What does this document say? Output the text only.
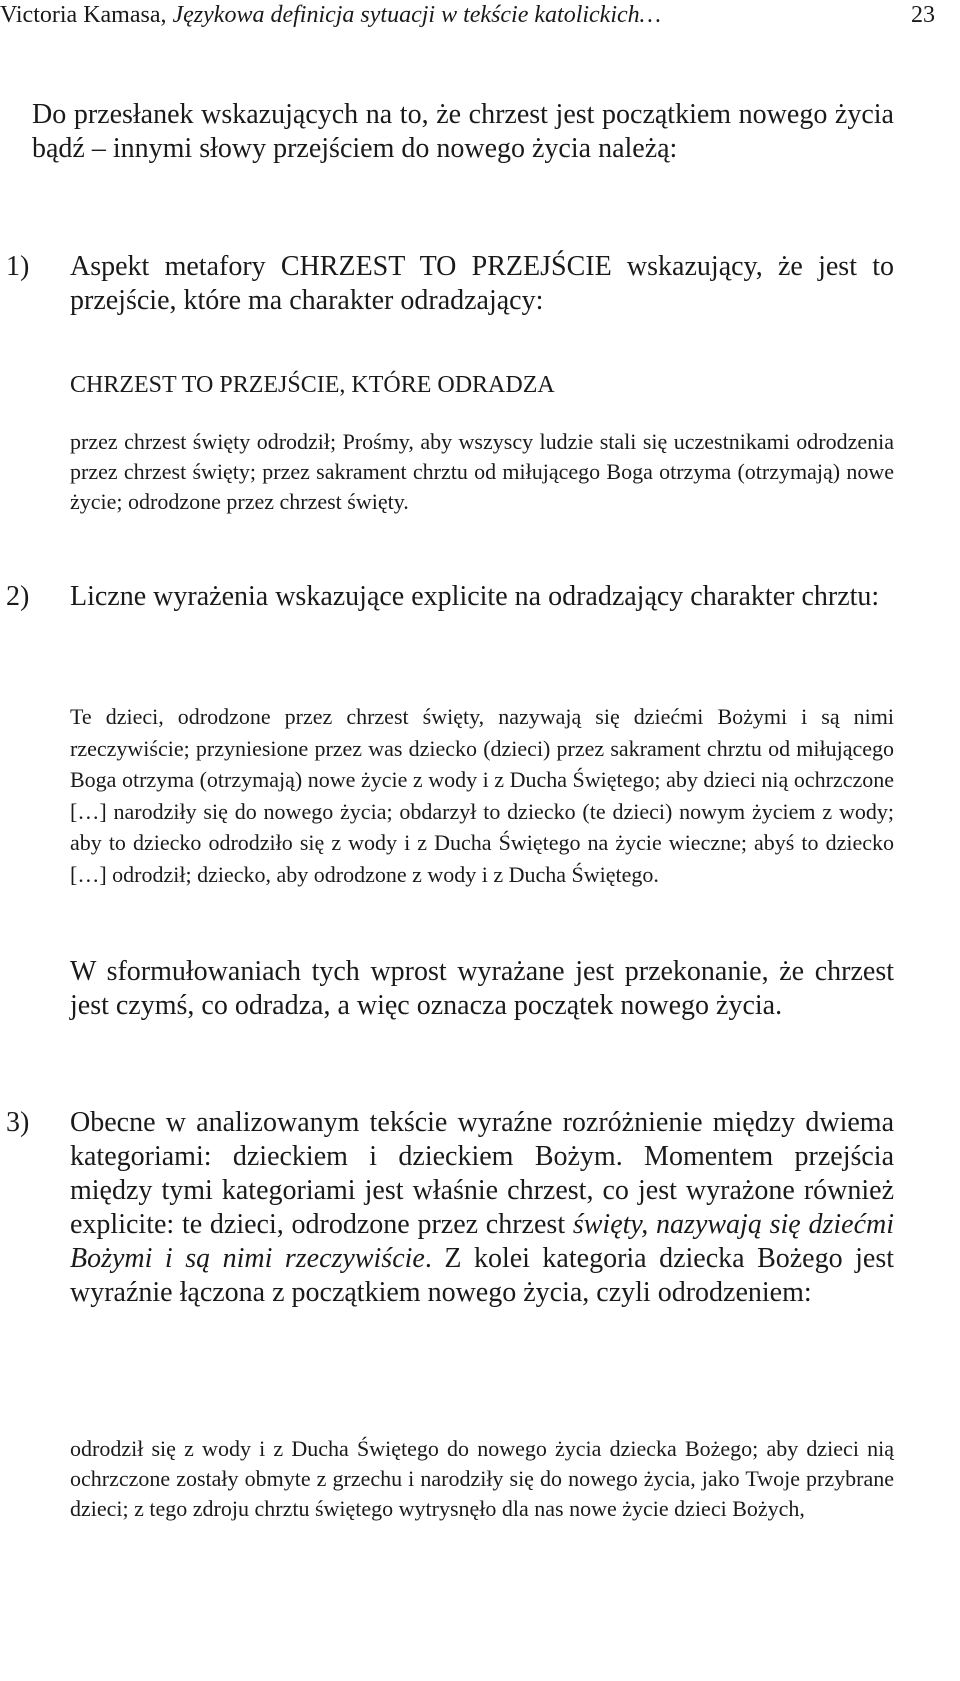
Victoria Kamasa, Językowa definicja sytuacji w tekście katolickich…	23
Do przesłanek wskazujących na to, że chrzest jest początkiem nowego życia bądź – innymi słowy przejściem do nowego życia należą:
1) Aspekt metafory CHRZEST TO PRZEJŚCIE wskazujący, że jest to przejście, które ma charakter odradzający:
CHRZEST TO PRZEJŚCIE, KTÓRE ODRADZA
przez chrzest święty odrodził; Prośmy, aby wszyscy ludzie stali się uczestnikami odrodzenia przez chrzest święty; przez sakrament chrztu od miłującego Boga otrzyma (otrzymają) nowe życie; odrodzone przez chrzest święty.
2) Liczne wyrażenia wskazujące explicite na odradzający charakter chrztu:
Te dzieci, odrodzone przez chrzest święty, nazywają się dziećmi Bożymi i są nimi rzeczywiście; przyniesione przez was dziecko (dzieci) przez sakrament chrztu od miłującego Boga otrzyma (otrzymają) nowe życie z wody i z Ducha Świętego; aby dzieci nią ochrzczone […] narodziły się do nowego życia; obdarzył to dziecko (te dzieci) nowym życiem z wody; aby to dziecko odrodziło się z wody i z Ducha Świętego na życie wieczne; abyś to dziecko […] odrodził; dziecko, aby odrodzone z wody i z Ducha Świętego.
W sformułowaniach tych wprost wyrażane jest przekonanie, że chrzest jest czymś, co odradza, a więc oznacza początek nowego życia.
3) Obecne w analizowanym tekście wyraźne rozróżnienie między dwiema kategoriami: dzieckiem i dzieckiem Bożym. Momentem przejścia między tymi kategoriami jest właśnie chrzest, co jest wyrażone również explicite: te dzieci, odrodzone przez chrzest święty, nazywają się dziećmi Bożymi i są nimi rzeczywiście. Z kolei kategoria dziecka Bożego jest wyraźnie łączona z początkiem nowego życia, czyli odrodzeniem:
odrodził się z wody i z Ducha Świętego do nowego życia dziecka Bożego; aby dzieci nią ochrzczone zostały obmyte z grzechu i narodziły się do nowego życia, jako Twoje przybrane dzieci; z tego zdroju chrztu świętego wytrysnęło dla nas nowe życie dzieci Bożych,
